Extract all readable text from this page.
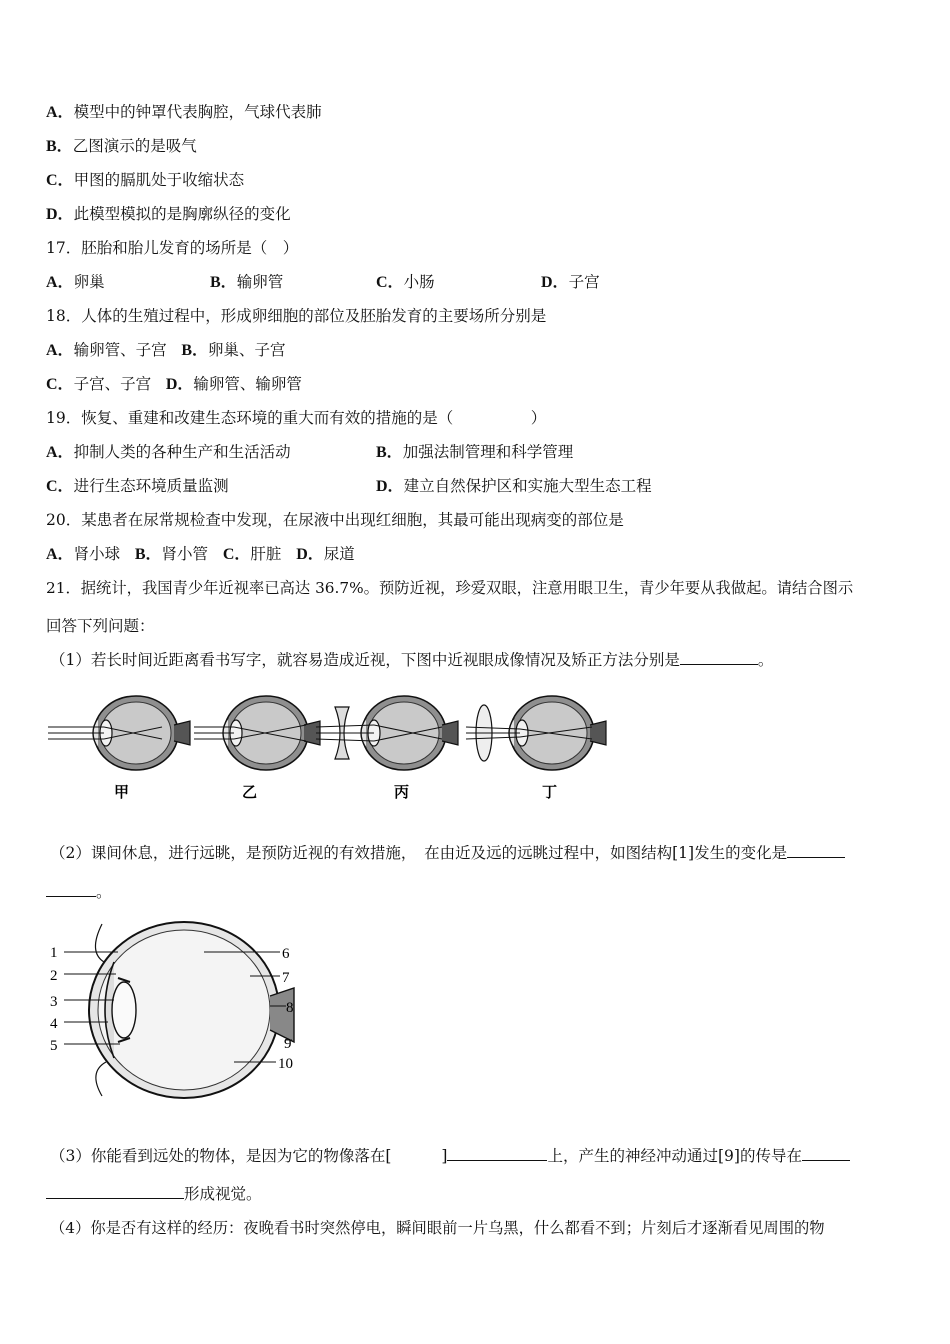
A．模型中的钟罩代表胸腔，气球代表肺
B．乙图演示的是吸气
C．甲图的膈肌处于收缩状态
D．此模型模拟的是胸廓纵径的变化
17．胚胎和胎儿发育的场所是（　）
A．卵巢	B．输卵管	C．小肠	D．子宫
18．人体的生殖过程中，形成卵细胞的部位及胚胎发育的主要场所分别是
A．输卵管、子宫 B．卵巢、子宫
C．子宫、子宫 D．输卵管、输卵管
19．恢复、重建和改建生态环境的重大而有效的措施的是（　　　　　）
A．抑制人类的各种生产和生活活动	B．加强法制管理和科学管理
C．进行生态环境质量监测	D．建立自然保护区和实施大型生态工程
20．某患者在尿常规检查中发现，在尿液中出现红细胞，其最可能出现病变的部位是
A．肾小球 B．肾小管 C．肝脏 D．尿道
21．据统计，我国青少年近视率已高达 36.7%。预防近视，珍爱双眼，注意用眼卫生，青少年要从我做起。请结合图示
回答下列问题：
（1）若长时间近距离看书写字，就容易造成近视，下图中近视眼成像情况及矫正方法分别是	。
甲	乙	丙	丁
（2）课间休息，进行远眺，是预防近视的有效措施，　在由近及远的远眺过程中，如图结构[1]发生的变化是
。
1
2
3
4
5
6
7
8
9
10
（3）你能看到远处的物体，是因为它的物像落在[	]	上，产生的神经冲动通过[9]的传导在
形成视觉。
（4）你是否有这样的经历：夜晚看书时突然停电，瞬间眼前一片乌黑，什么都看不到；片刻后才逐渐看见周围的物
